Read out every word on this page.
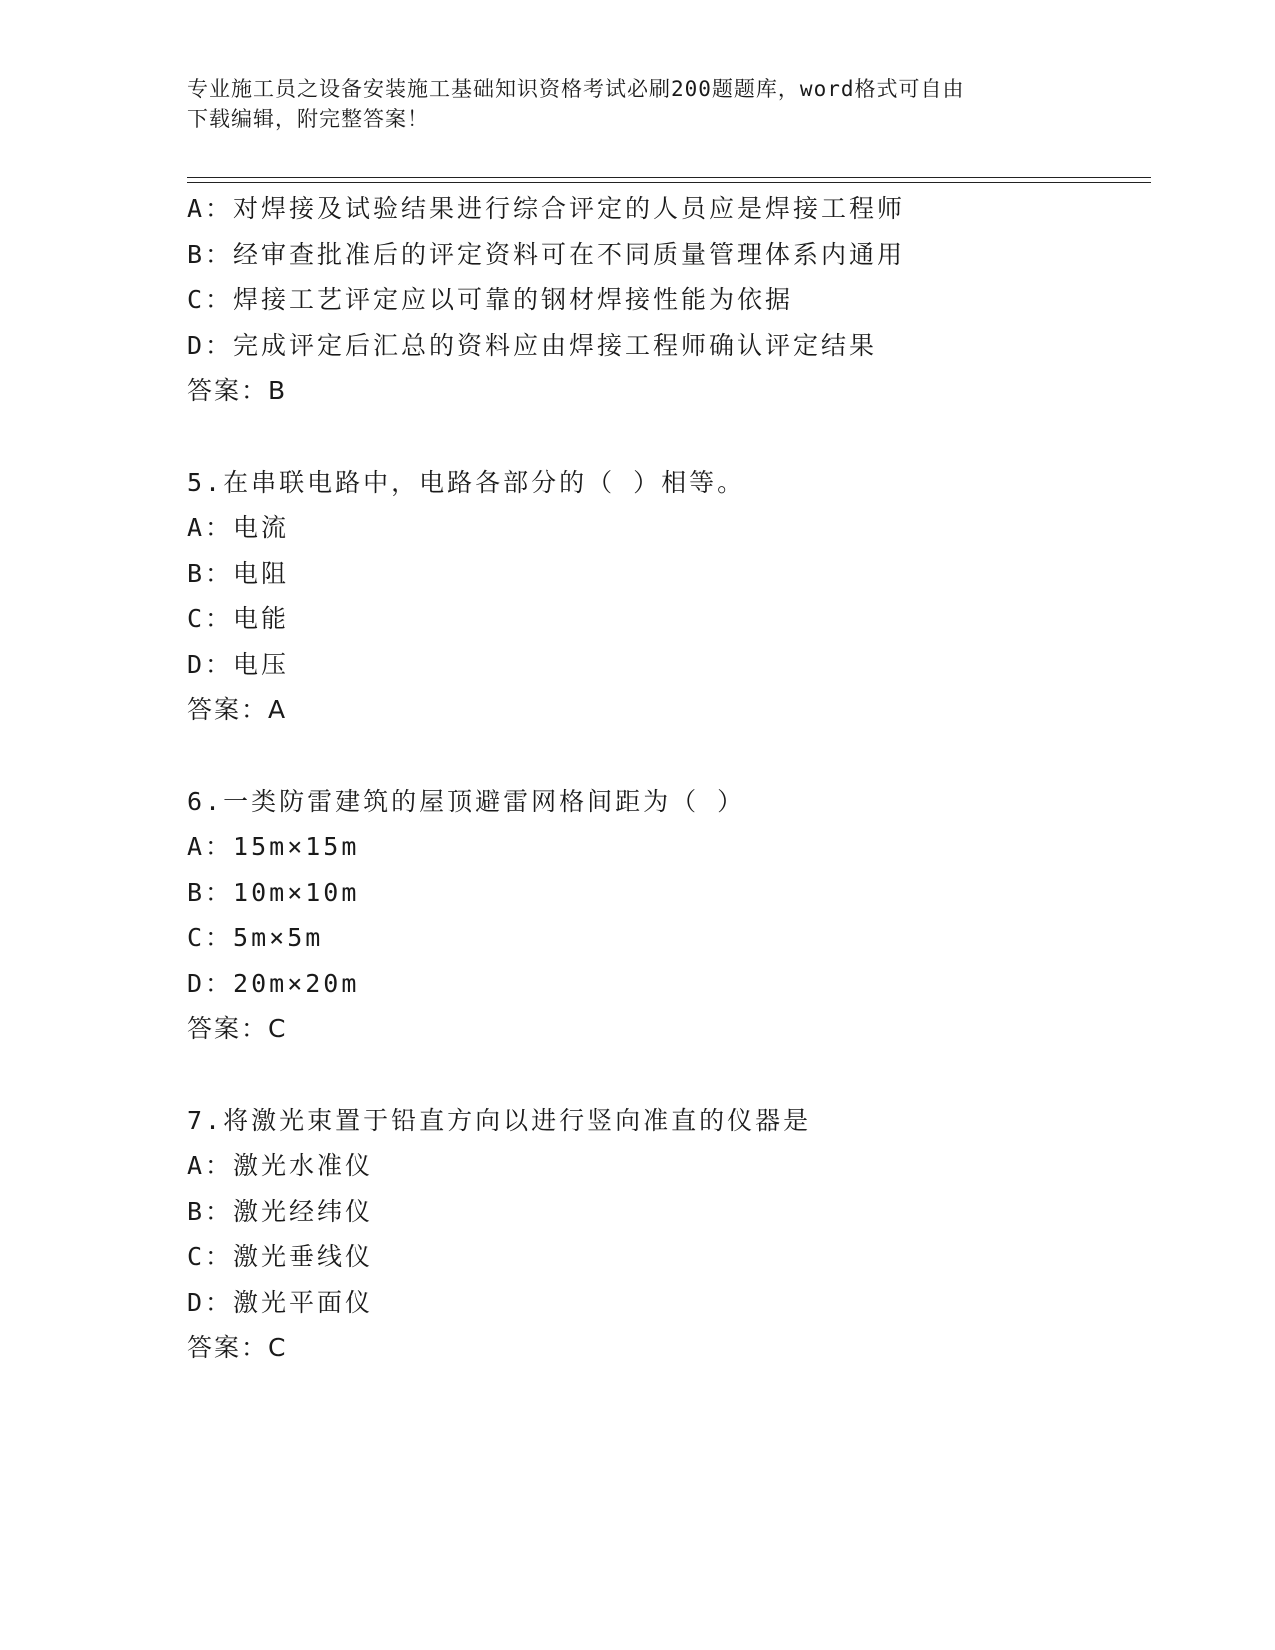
专业施工员之设备安装施工基础知识资格考试必刷200题题库，word格式可自由
下载编辑，附完整答案！
A：对焊接及试验结果进行综合评定的人员应是焊接工程师
B：经审查批准后的评定资料可在不同质量管理体系内通用
C：焊接工艺评定应以可靠的钢材焊接性能为依据
D：完成评定后汇总的资料应由焊接工程师确认评定结果
答案：B
5.在串联电路中，电路各部分的（ ）相等。
A：电流
B：电阻
C：电能
D：电压
答案：A
6.一类防雷建筑的屋顶避雷网格间距为（ ）
A：15m×15m
B：10m×10m
C：5m×5m
D：20m×20m
答案：C
7.将激光束置于铅直方向以进行竖向准直的仪器是
A：激光水准仪
B：激光经纬仪
C：激光垂线仪
D：激光平面仪
答案：C
